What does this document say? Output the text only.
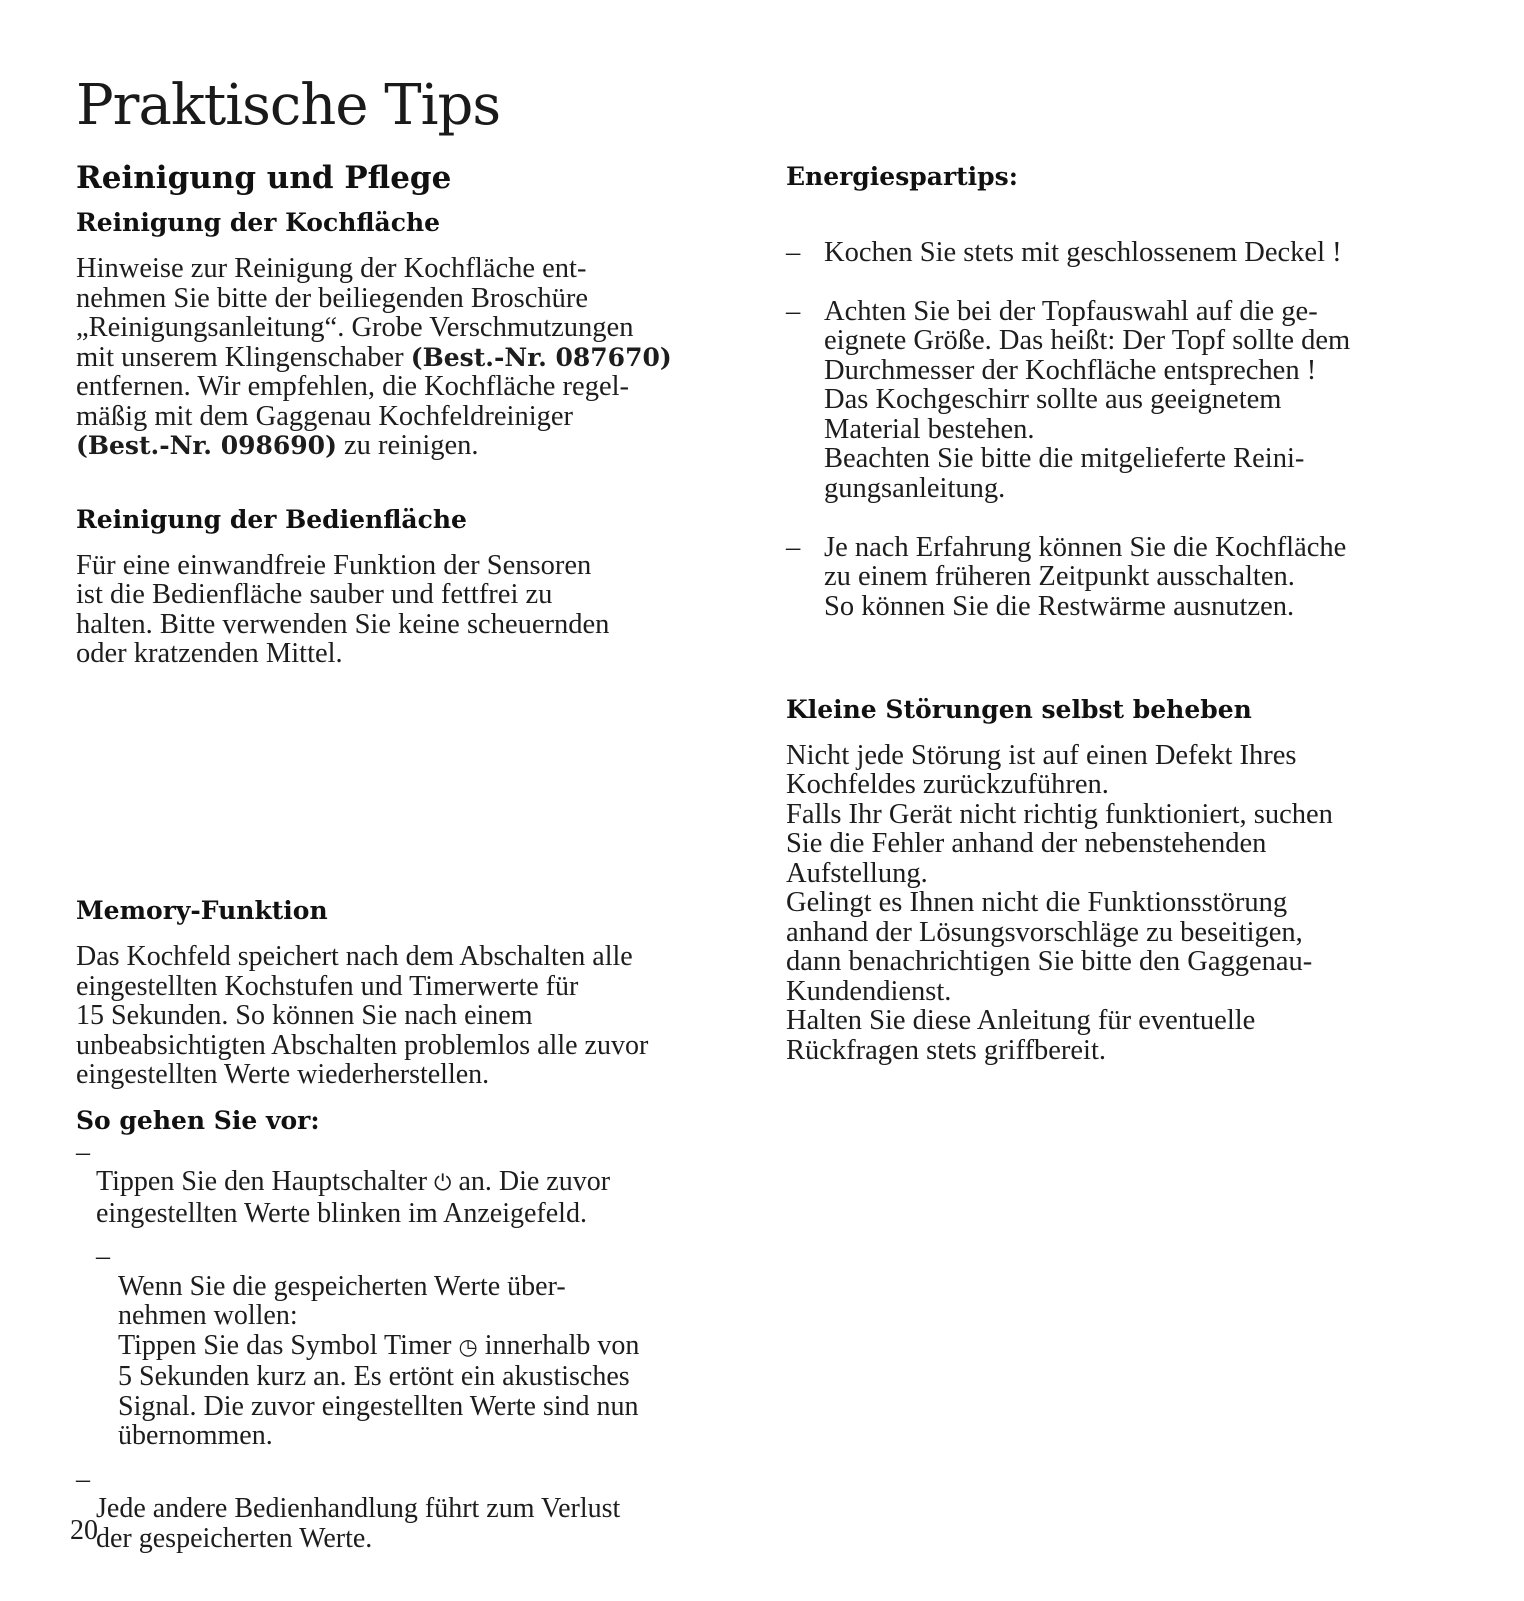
Praktische Tips
Reinigung und Pflege
Reinigung der Kochfläche

Hinweise zur Reinigung der Kochfläche ent-
nehmen Sie bitte der beiliegenden Broschüre
„Reinigungsanleitung“. Grobe Verschmutzungen
mit unserem Klingenschaber (Best.-Nr. 087670)
entfernen. Wir empfehlen, die Kochfläche regel-
mäßig mit dem Gaggenau Kochfeldreiniger
(Best.-Nr. 098690) zu reinigen.

Reinigung der Bedienfläche

Für eine einwandfreie Funktion der Sensoren
ist die Bedienfläche sauber und fettfrei zu
halten. Bitte verwenden Sie keine scheuernden
oder kratzenden Mittel.

Memory-Funktion

Das Kochfeld speichert nach dem Abschalten alle
eingestellten Kochstufen und Timerwerte für
15 Sekunden. So können Sie nach einem
unbeabsichtigten Abschalten problemlos alle zuvor
eingestellten Werte wiederherstellen.

So gehen Sie vor:

–
Tippen Sie den Hauptschalter ⏻ an. Die zuvor
eingestellten Werte blinken im Anzeigefeld.

–
Wenn Sie die gespeicherten Werte über-
nehmen wollen:
Tippen Sie das Symbol Timer ◷ innerhalb von
5 Sekunden kurz an. Es ertönt ein akustisches
Signal. Die zuvor eingestellten Werte sind nun
übernommen.

–
Jede andere Bedienhandlung führt zum Verlust
der gespeicherten Werte.

Energiespartips:

– Kochen Sie stets mit geschlossenem Deckel !

– Achten Sie bei der Topfauswahl auf die ge-
eignete Größe. Das heißt: Der Topf sollte dem
Durchmesser der Kochfläche entsprechen !
Das Kochgeschirr sollte aus geeignetem
Material bestehen.
Beachten Sie bitte die mitgelieferte Reini-
gungsanleitung.

– Je nach Erfahrung können Sie die Kochfläche
zu einem früheren Zeitpunkt ausschalten.
So können Sie die Restwärme ausnutzen.

Kleine Störungen selbst beheben

Nicht jede Störung ist auf einen Defekt Ihres
Kochfeldes zurückzuführen.
Falls Ihr Gerät nicht richtig funktioniert, suchen
Sie die Fehler anhand der nebenstehenden
Aufstellung.
Gelingt es Ihnen nicht die Funktionsstörung
anhand der Lösungsvorschläge zu beseitigen,
dann benachrichtigen Sie bitte den Gaggenau-
Kundendienst.
Halten Sie diese Anleitung für eventuelle
Rückfragen stets griffbereit.

20
